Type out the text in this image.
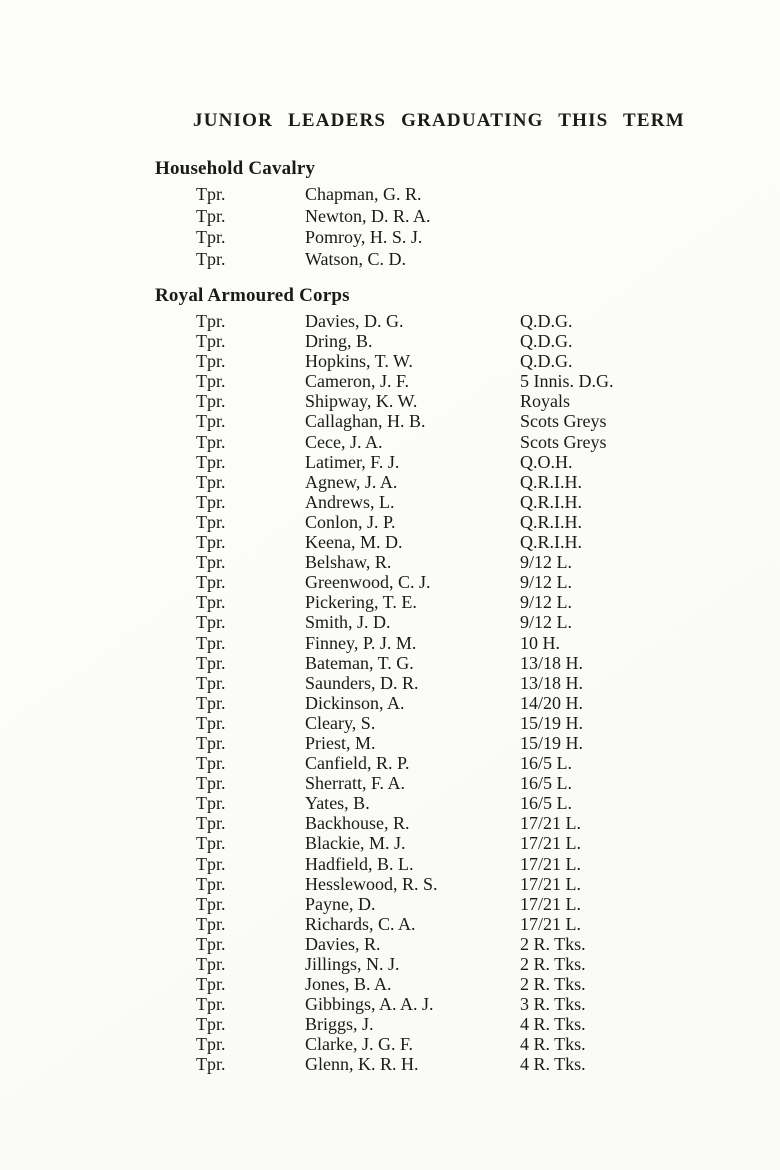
JUNIOR LEADERS GRADUATING THIS TERM
Household Cavalry
Tpr.	Chapman, G. R.
Tpr.	Newton, D. R. A.
Tpr.	Pomroy, H. S. J.
Tpr.	Watson, C. D.
Royal Armoured Corps
Tpr.	Davies, D. G.	Q.D.G.
Tpr.	Dring, B.	Q.D.G.
Tpr.	Hopkins, T. W.	Q.D.G.
Tpr.	Cameron, J. F.	5 Innis. D.G.
Tpr.	Shipway, K. W.	Royals
Tpr.	Callaghan, H. B.	Scots Greys
Tpr.	Cece, J. A.	Scots Greys
Tpr.	Latimer, F. J.	Q.O.H.
Tpr.	Agnew, J. A.	Q.R.I.H.
Tpr.	Andrews, L.	Q.R.I.H.
Tpr.	Conlon, J. P.	Q.R.I.H.
Tpr.	Keena, M. D.	Q.R.I.H.
Tpr.	Belshaw, R.	9/12 L.
Tpr.	Greenwood, C. J.	9/12 L.
Tpr.	Pickering, T. E.	9/12 L.
Tpr.	Smith, J. D.	9/12 L.
Tpr.	Finney, P. J. M.	10 H.
Tpr.	Bateman, T. G.	13/18 H.
Tpr.	Saunders, D. R.	13/18 H.
Tpr.	Dickinson, A.	14/20 H.
Tpr.	Cleary, S.	15/19 H.
Tpr.	Priest, M.	15/19 H.
Tpr.	Canfield, R. P.	16/5 L.
Tpr.	Sherratt, F. A.	16/5 L.
Tpr.	Yates, B.	16/5 L.
Tpr.	Backhouse, R.	17/21 L.
Tpr.	Blackie, M. J.	17/21 L.
Tpr.	Hadfield, B. L.	17/21 L.
Tpr.	Hesslewood, R. S.	17/21 L.
Tpr.	Payne, D.	17/21 L.
Tpr.	Richards, C. A.	17/21 L.
Tpr.	Davies, R.	2 R. Tks.
Tpr.	Jillings, N. J.	2 R. Tks.
Tpr.	Jones, B. A.	2 R. Tks.
Tpr.	Gibbings, A. A. J.	3 R. Tks.
Tpr.	Briggs, J.	4 R. Tks.
Tpr.	Clarke, J. G. F.	4 R. Tks.
Tpr.	Glenn, K. R. H.	4 R. Tks.
